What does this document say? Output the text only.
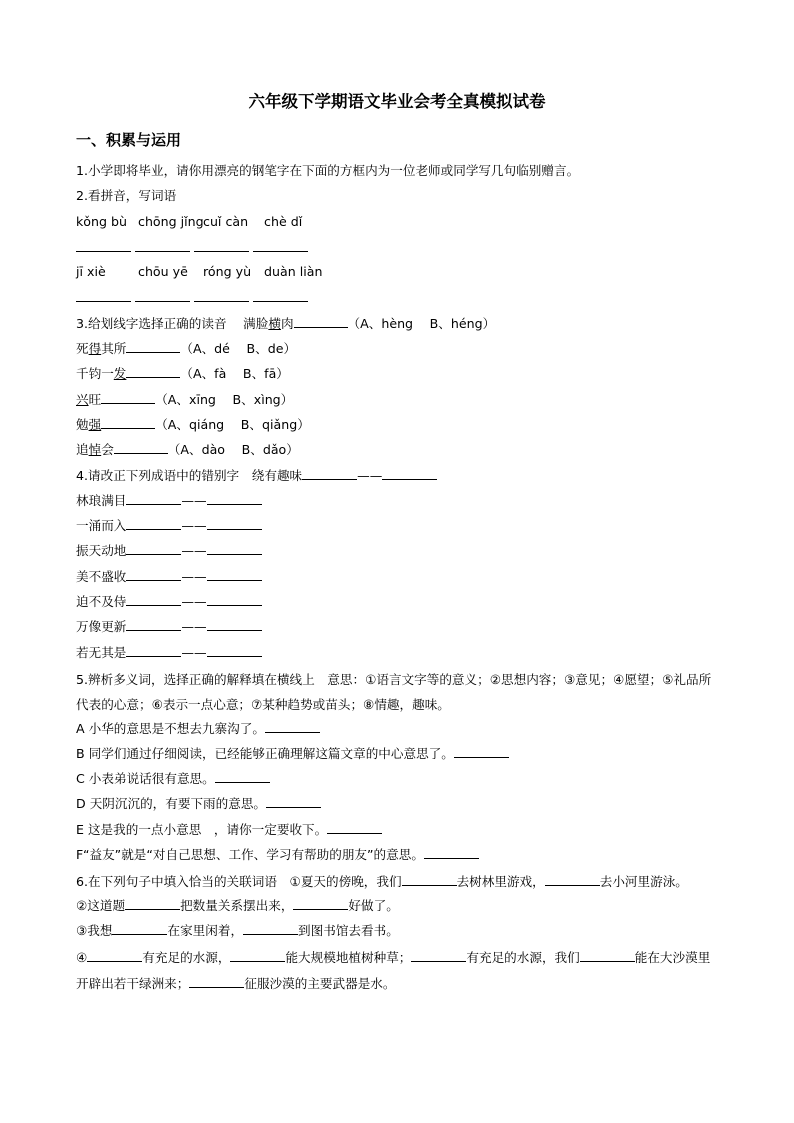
六年级下学期语文毕业会考全真模拟试卷
一、积累与运用
1.小学即将毕业，请你用漂亮的钢笔字在下面的方框内为一位老师或同学写几句临别赠言。
2.看拼音，写词语
kǒng bù chōng jǐng cuǐ càn chè dǐ
jī xiè	chōu yē róng yù duàn liàn
3.给划线字选择正确的读音　 满脸横肉	（A、hèng　 B、héng）
死得其所	（A、dé　 B、de）
千钧一发	（A、fà　 B、fā）
兴旺	（A、xīng　 B、xìng）
勉强	（A、qiáng　 B、qiǎng）
追悼会	（A、dào　 B、dǎo）
4.请改正下列成语中的错别字　 绕有趣味	——
林琅满目	——
一涌而入	——
振天动地	——
美不盛收	——
迫不及侍	——
万像更新	——
若无其是	——
5.辨析多义词，选择正确的解释填在横线上　意思：①语言文字等的意义；②思想内容；③意见；④愿望；⑤礼品所代表的心意；⑥表示一点心意；⑦某种趋势或苗头；⑧情趣，趣味。
A 小华的意思是不想去九寨沟了。
B 同学们通过仔细阅读，已经能够正确理解这篇文章的中心意思了。
C 小表弟说话很有意思。
D 天阴沉沉的，有要下雨的意思。
E 这是我的一点小意思　，请你一定要收下。
F“益友”就是“对自己思想、工作、学习有帮助的朋友”的意思。
6.在下列句子中填入恰当的关联词语　 ①夏天的傍晚，我们	去树林里游戏，	去小河里游泳。
②这道题	把数量关系摆出来，	好做了。
③我想	在家里闲着，	到图书馆去看书。
④	有充足的水源，	能大规模地植树种草；	有充足的水源，我们	能在大沙漠里开辟出若干绿洲来；	征服沙漠的主要武器是水。
